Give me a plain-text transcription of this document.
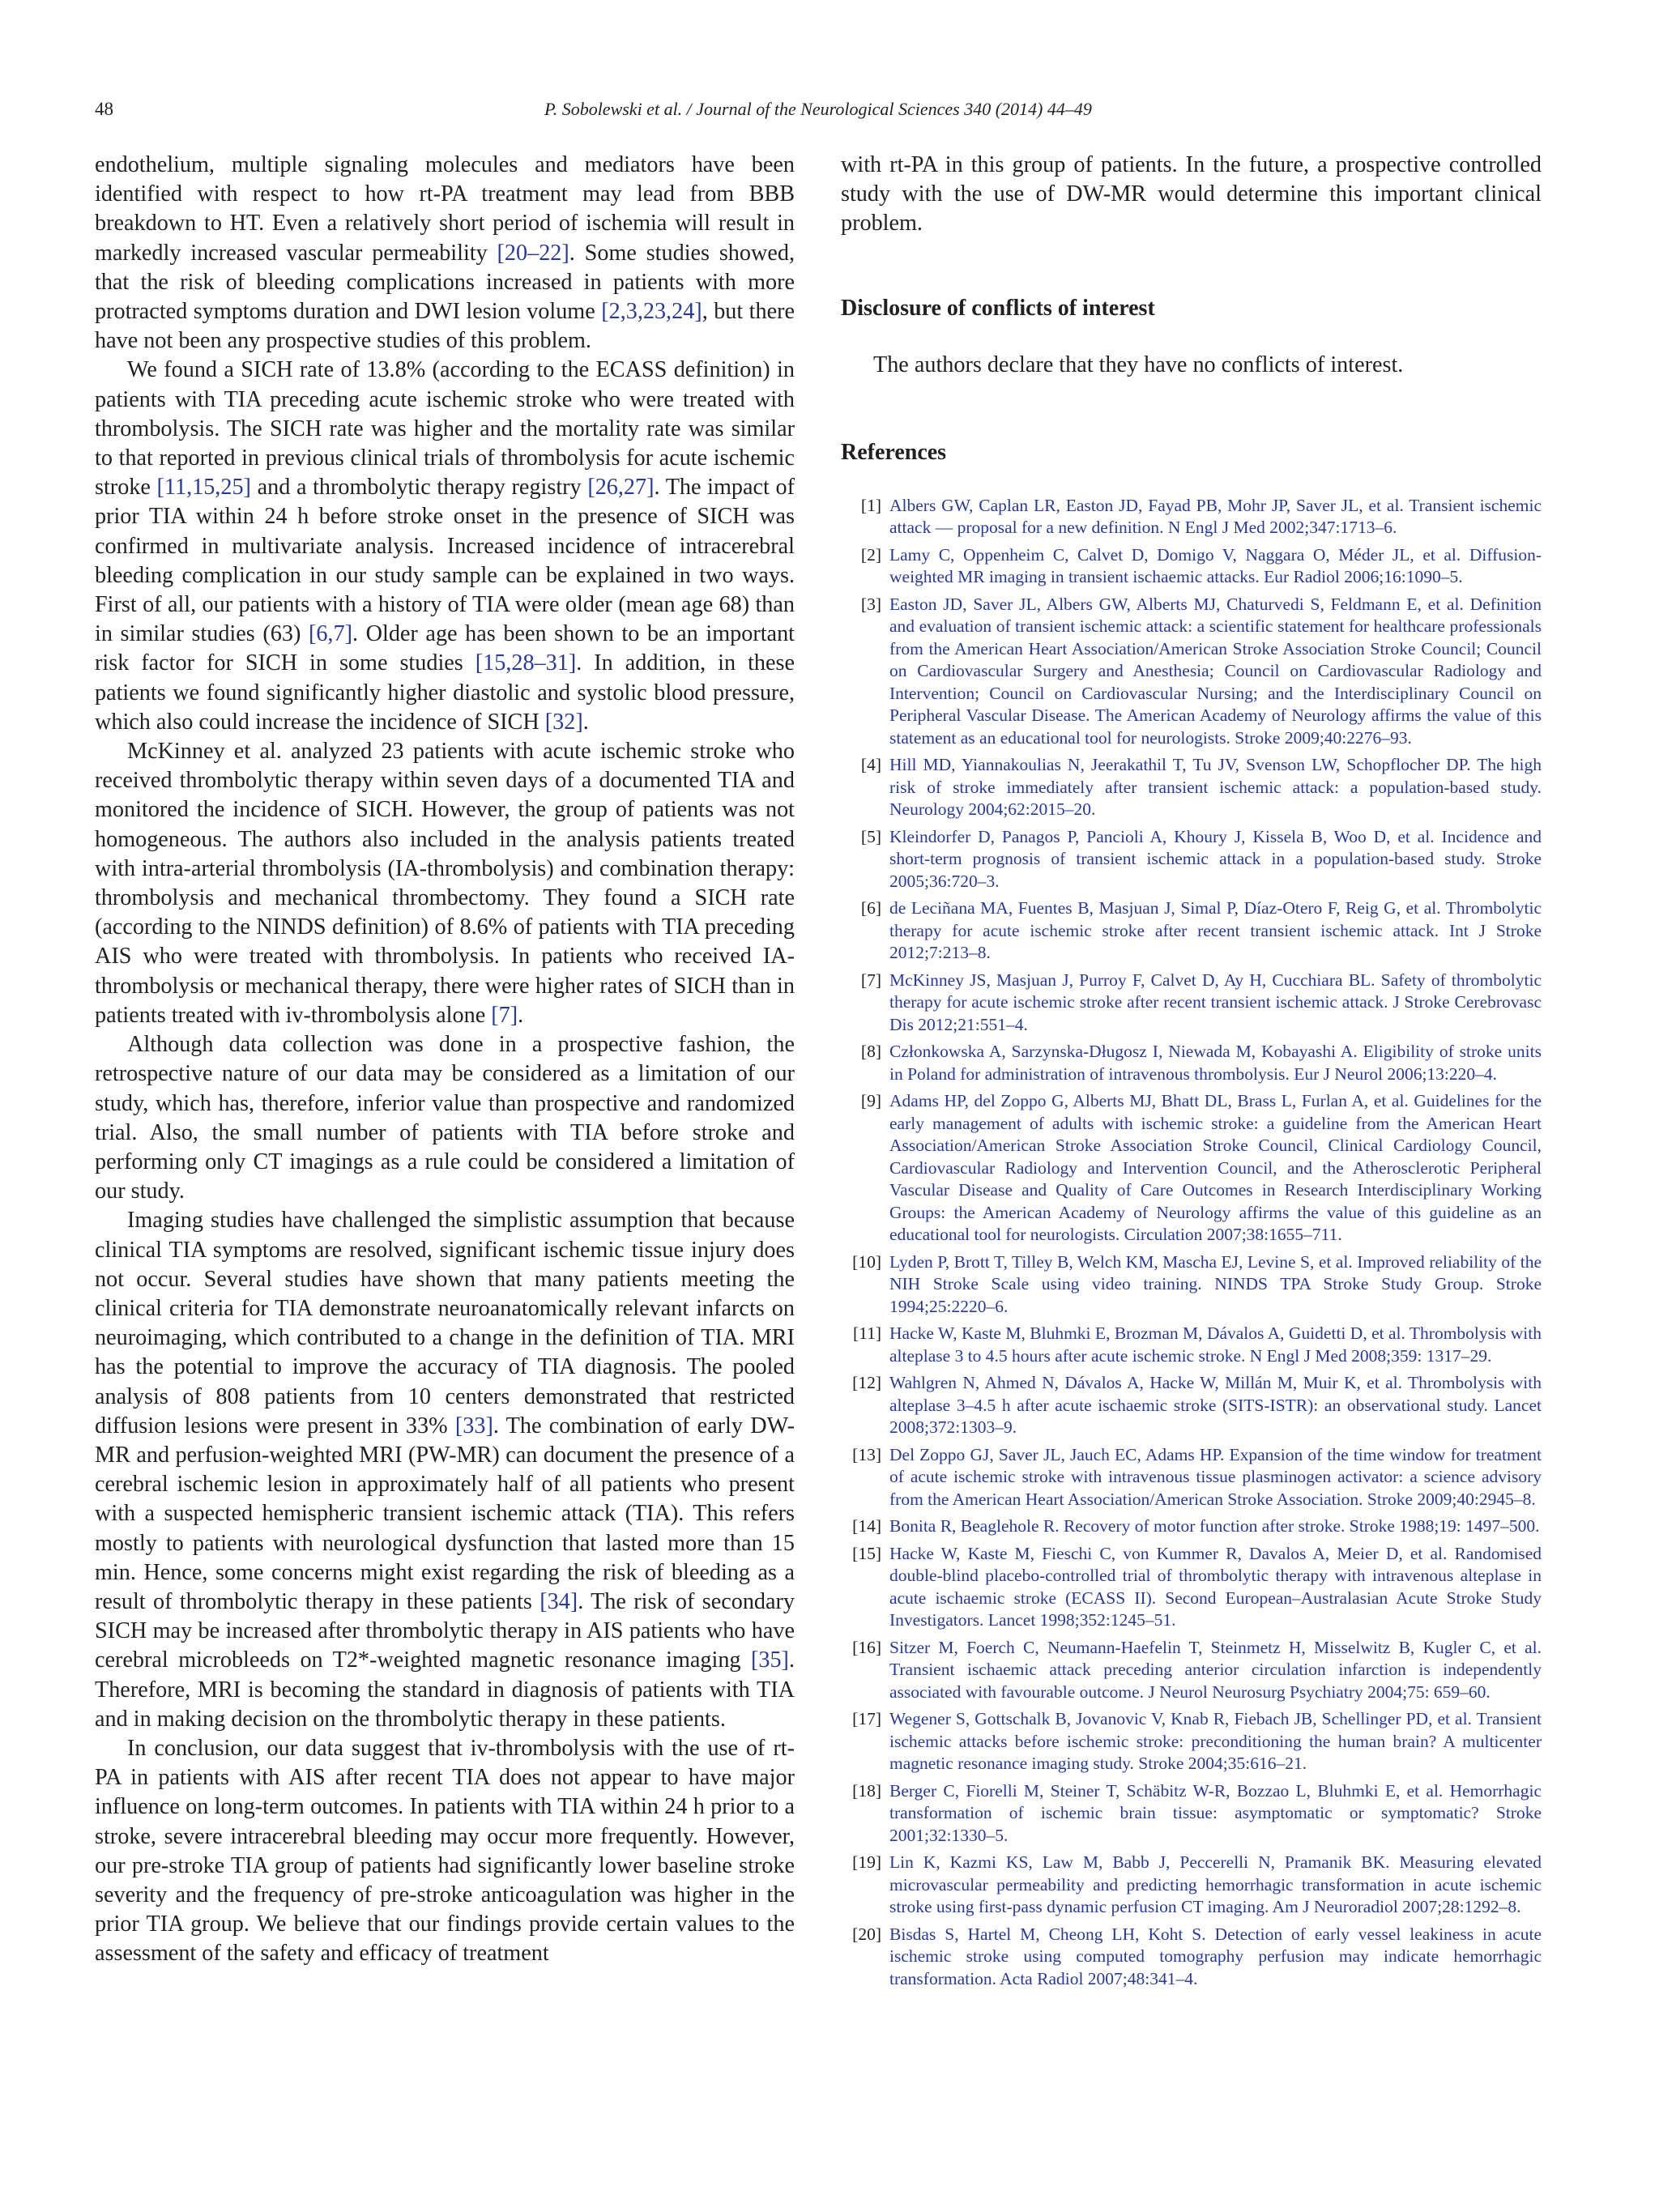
48	P. Sobolewski et al. / Journal of the Neurological Sciences 340 (2014) 44–49

endothelium, multiple signaling molecules and mediators have been identified with respect to how rt-PA treatment may lead from BBB breakdown to HT. Even a relatively short period of ischemia will result in markedly increased vascular permeability [20–22]. Some studies showed, that the risk of bleeding complications increased in patients with more protracted symptoms duration and DWI lesion volume [2,3,23,24], but there have not been any prospective studies of this problem.

We found a SICH rate of 13.8% (according to the ECASS definition) in patients with TIA preceding acute ischemic stroke who were treated with thrombolysis. The SICH rate was higher and the mortality rate was similar to that reported in previous clinical trials of thrombolysis for acute ischemic stroke [11,15,25] and a thrombolytic therapy registry [26,27]. The impact of prior TIA within 24 h before stroke onset in the presence of SICH was confirmed in multivariate analysis. Increased incidence of intracerebral bleeding complication in our study sample can be explained in two ways. First of all, our patients with a history of TIA were older (mean age 68) than in similar studies (63) [6,7]. Older age has been shown to be an important risk factor for SICH in some studies [15,28–31]. In addition, in these patients we found significantly higher diastolic and systolic blood pressure, which also could increase the incidence of SICH [32].

McKinney et al. analyzed 23 patients with acute ischemic stroke who received thrombolytic therapy within seven days of a documented TIA and monitored the incidence of SICH. However, the group of patients was not homogeneous. The authors also included in the analysis patients treated with intra-arterial thrombolysis (IA-thrombolysis) and combination therapy: thrombolysis and mechanical thrombectomy. They found a SICH rate (according to the NINDS definition) of 8.6% of patients with TIA preceding AIS who were treated with thrombolysis. In patients who received IA-thrombolysis or mechanical therapy, there were higher rates of SICH than in patients treated with iv-thrombolysis alone [7].

Although data collection was done in a prospective fashion, the retrospective nature of our data may be considered as a limitation of our study, which has, therefore, inferior value than prospective and randomized trial. Also, the small number of patients with TIA before stroke and performing only CT imagings as a rule could be considered a limitation of our study.

Imaging studies have challenged the simplistic assumption that because clinical TIA symptoms are resolved, significant ischemic tissue injury does not occur. Several studies have shown that many patients meeting the clinical criteria for TIA demonstrate neuroanatomically relevant infarcts on neuroimaging, which contributed to a change in the definition of TIA. MRI has the potential to improve the accuracy of TIA diagnosis. The pooled analysis of 808 patients from 10 centers demonstrated that restricted diffusion lesions were present in 33% [33]. The combination of early DW-MR and perfusion-weighted MRI (PW-MR) can document the presence of a cerebral ischemic lesion in approximately half of all patients who present with a suspected hemispheric transient ischemic attack (TIA). This refers mostly to patients with neurological dysfunction that lasted more than 15 min. Hence, some concerns might exist regarding the risk of bleeding as a result of thrombolytic therapy in these patients [34]. The risk of secondary SICH may be increased after thrombolytic therapy in AIS patients who have cerebral microbleeds on T2*-weighted magnetic resonance imaging [35]. Therefore, MRI is becoming the standard in diagnosis of patients with TIA and in making decision on the thrombolytic therapy in these patients.

In conclusion, our data suggest that iv-thrombolysis with the use of rt-PA in patients with AIS after recent TIA does not appear to have major influence on long-term outcomes. In patients with TIA within 24 h prior to a stroke, severe intracerebral bleeding may occur more frequently. However, our pre-stroke TIA group of patients had significantly lower baseline stroke severity and the frequency of pre-stroke anticoagulation was higher in the prior TIA group. We believe that our findings provide certain values to the assessment of the safety and efficacy of treatment

with rt-PA in this group of patients. In the future, a prospective controlled study with the use of DW-MR would determine this important clinical problem.

Disclosure of conflicts of interest

The authors declare that they have no conflicts of interest.

References
[1] Albers GW, Caplan LR, Easton JD, Fayad PB, Mohr JP, Saver JL, et al. Transient ischemic attack — proposal for a new definition. N Engl J Med 2002;347:1713–6.
[2] Lamy C, Oppenheim C, Calvet D, Domigo V, Naggara O, Méder JL, et al. Diffusion-weighted MR imaging in transient ischaemic attacks. Eur Radiol 2006;16:1090–5.
[3] Easton JD, Saver JL, Albers GW, Alberts MJ, Chaturvedi S, Feldmann E, et al. Definition and evaluation of transient ischemic attack: a scientific statement for healthcare professionals from the American Heart Association/American Stroke Association Stroke Council; Council on Cardiovascular Surgery and Anesthesia; Council on Cardiovascular Radiology and Intervention; Council on Cardiovascular Nursing; and the Interdisciplinary Council on Peripheral Vascular Disease. The American Academy of Neurology affirms the value of this statement as an educational tool for neurologists. Stroke 2009;40:2276–93.
[4] Hill MD, Yiannakoulias N, Jeerakathil T, Tu JV, Svenson LW, Schopflocher DP. The high risk of stroke immediately after transient ischemic attack: a population-based study. Neurology 2004;62:2015–20.
[5] Kleindorfer D, Panagos P, Pancioli A, Khoury J, Kissela B, Woo D, et al. Incidence and short-term prognosis of transient ischemic attack in a population-based study. Stroke 2005;36:720–3.
[6] de Leciñana MA, Fuentes B, Masjuan J, Simal P, Díaz-Otero F, Reig G, et al. Thrombolytic therapy for acute ischemic stroke after recent transient ischemic attack. Int J Stroke 2012;7:213–8.
[7] McKinney JS, Masjuan J, Purroy F, Calvet D, Ay H, Cucchiara BL. Safety of thrombolytic therapy for acute ischemic stroke after recent transient ischemic attack. J Stroke Cerebrovasc Dis 2012;21:551–4.
[8] Członkowska A, Sarzynska-Długosz I, Niewada M, Kobayashi A. Eligibility of stroke units in Poland for administration of intravenous thrombolysis. Eur J Neurol 2006;13:220–4.
[9] Adams HP, del Zoppo G, Alberts MJ, Bhatt DL, Brass L, Furlan A, et al. Guidelines for the early management of adults with ischemic stroke: a guideline from the American Heart Association/American Stroke Association Stroke Council, Clinical Cardiology Council, Cardiovascular Radiology and Intervention Council, and the Atherosclerotic Peripheral Vascular Disease and Quality of Care Outcomes in Research Interdisciplinary Working Groups: the American Academy of Neurology affirms the value of this guideline as an educational tool for neurologists. Circulation 2007;38:1655–711.
[10] Lyden P, Brott T, Tilley B, Welch KM, Mascha EJ, Levine S, et al. Improved reliability of the NIH Stroke Scale using video training. NINDS TPA Stroke Study Group. Stroke 1994;25:2220–6.
[11] Hacke W, Kaste M, Bluhmki E, Brozman M, Dávalos A, Guidetti D, et al. Thrombolysis with alteplase 3 to 4.5 hours after acute ischemic stroke. N Engl J Med 2008;359: 1317–29.
[12] Wahlgren N, Ahmed N, Dávalos A, Hacke W, Millán M, Muir K, et al. Thrombolysis with alteplase 3–4.5 h after acute ischaemic stroke (SITS-ISTR): an observational study. Lancet 2008;372:1303–9.
[13] Del Zoppo GJ, Saver JL, Jauch EC, Adams HP. Expansion of the time window for treatment of acute ischemic stroke with intravenous tissue plasminogen activator: a science advisory from the American Heart Association/American Stroke Association. Stroke 2009;40:2945–8.
[14] Bonita R, Beaglehole R. Recovery of motor function after stroke. Stroke 1988;19: 1497–500.
[15] Hacke W, Kaste M, Fieschi C, von Kummer R, Davalos A, Meier D, et al. Randomised double-blind placebo-controlled trial of thrombolytic therapy with intravenous alteplase in acute ischaemic stroke (ECASS II). Second European–Australasian Acute Stroke Study Investigators. Lancet 1998;352:1245–51.
[16] Sitzer M, Foerch C, Neumann-Haefelin T, Steinmetz H, Misselwitz B, Kugler C, et al. Transient ischaemic attack preceding anterior circulation infarction is independently associated with favourable outcome. J Neurol Neurosurg Psychiatry 2004;75: 659–60.
[17] Wegener S, Gottschalk B, Jovanovic V, Knab R, Fiebach JB, Schellinger PD, et al. Transient ischemic attacks before ischemic stroke: preconditioning the human brain? A multicenter magnetic resonance imaging study. Stroke 2004;35:616–21.
[18] Berger C, Fiorelli M, Steiner T, Schäbitz W-R, Bozzao L, Bluhmki E, et al. Hemorrhagic transformation of ischemic brain tissue: asymptomatic or symptomatic? Stroke 2001;32:1330–5.
[19] Lin K, Kazmi KS, Law M, Babb J, Peccerelli N, Pramanik BK. Measuring elevated microvascular permeability and predicting hemorrhagic transformation in acute ischemic stroke using first-pass dynamic perfusion CT imaging. Am J Neuroradiol 2007;28:1292–8.
[20] Bisdas S, Hartel M, Cheong LH, Koht S. Detection of early vessel leakiness in acute ischemic stroke using computed tomography perfusion may indicate hemorrhagic transformation. Acta Radiol 2007;48:341–4.
